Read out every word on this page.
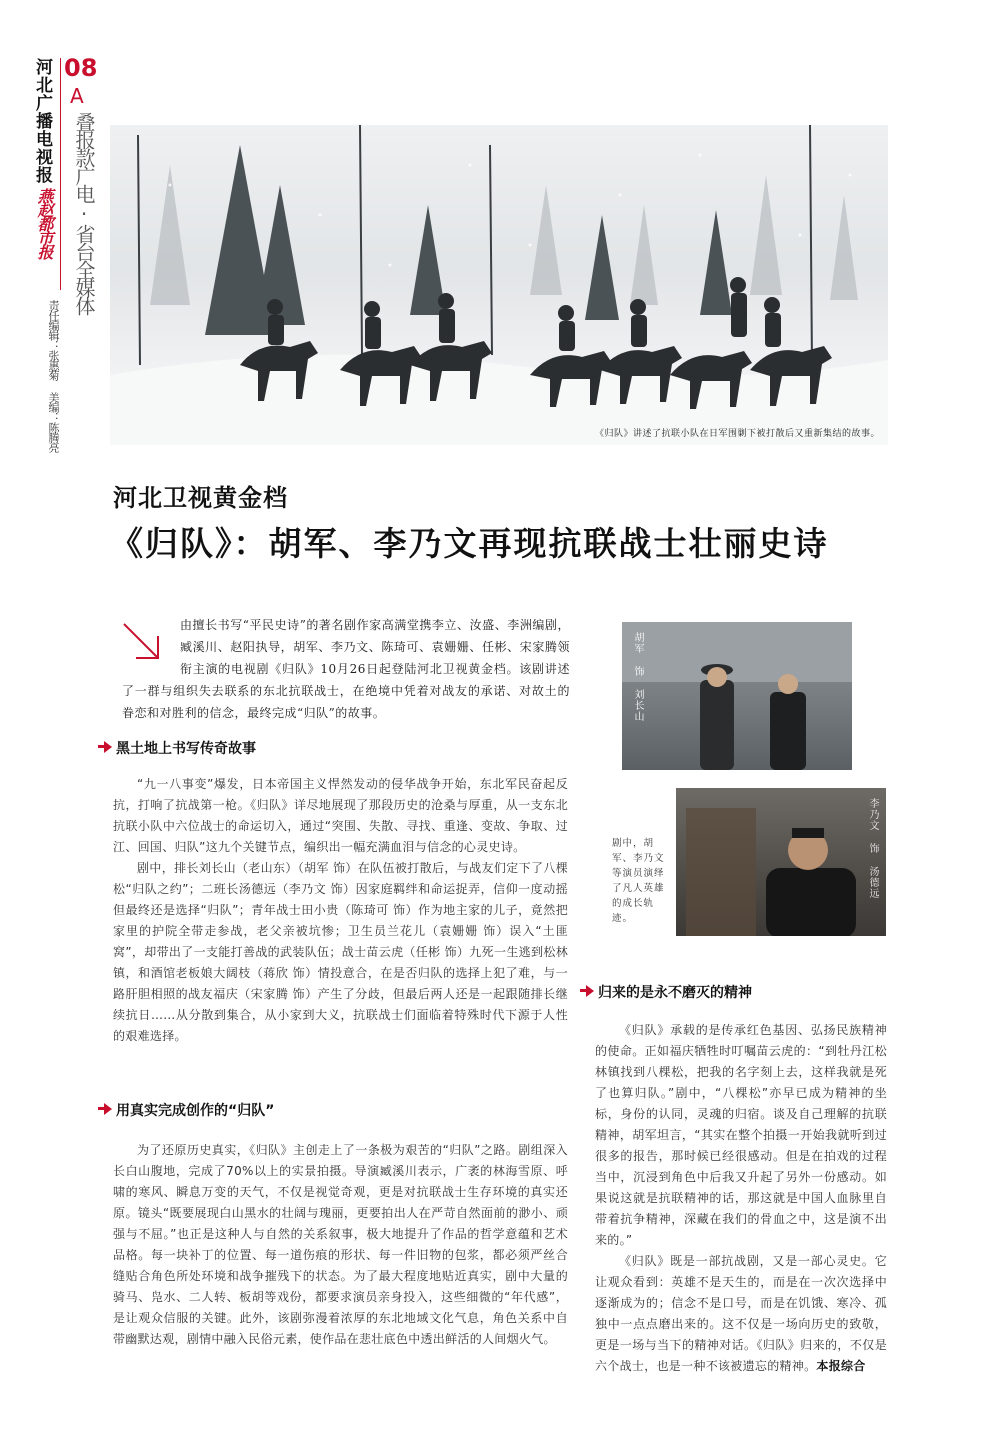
河北广播电视报
燕赵都市报
08
A
叠报款广电·省台全媒体
责任编辑：张惠菊 美编：陈腾亮	《归队》讲述了抗联小队在日军围剿下被打散后又重新集结的故事。
河北卫视黄金档
《归队》：胡军、李乃文再现抗联战士壮丽史诗
由擅长书写“平民史诗”的著名剧作家高满堂携李立、汝盛、李洲编剧，臧溪川、赵阳执导，胡军、李乃文、陈琦可、袁姗姗、任彬、宋家腾领衔主演的电视剧《归队》10月26日起登陆河北卫视黄金档。该剧讲述了一群与组织失去联系的东北抗联战士，在绝境中凭着对战友的承诺、对故土的眷恋和对胜利的信念，最终完成“归队”的故事。
黑土地上书写传奇故事

“九一八事变”爆发，日本帝国主义悍然发动的侵华战争开始，东北军民奋起反抗，打响了抗战第一枪。《归队》详尽地展现了那段历史的沧桑与厚重，从一支东北抗联小队中六位战士的命运切入，通过“突围、失散、寻找、重逢、变故、争取、过江、回国、归队”这九个关键节点，编织出一幅充满血泪与信念的心灵史诗。

剧中，排长刘长山（老山东）（胡军 饰）在队伍被打散后，与战友们定下了八棵松“归队之约”；二班长汤德远（李乃文 饰）因家庭羁绊和命运捉弄，信仰一度动摇但最终还是选择“归队”；青年战士田小贵（陈琦可 饰）作为地主家的儿子，竟然把家里的护院全带走参战，老父亲被坑惨；卫生员兰花儿（袁姗姗 饰）误入“土匪窝”，却带出了一支能打善战的武装队伍；战士苗云虎（任彬 饰）九死一生逃到松林镇，和酒馆老板娘大阔枝（蒋欣 饰）情投意合，在是否归队的选择上犯了难，与一路肝胆相照的战友福庆（宋家腾 饰）产生了分歧，但最后两人还是一起跟随排长继续抗日……从分散到集合，从小家到大义，抗联战士们面临着特殊时代下源于人性的艰难选择。

用真实完成创作的“归队”

为了还原历史真实，《归队》主创走上了一条极为艰苦的“归队”之路。剧组深入长白山腹地，完成了70%以上的实景拍摄。导演臧溪川表示，广袤的林海雪原、呼啸的寒风、瞬息万变的天气，不仅是视觉奇观，更是对抗联战士生存环境的真实还原。镜头“既要展现白山黑水的壮阔与瑰丽，更要拍出人在严苛自然面前的渺小、顽强与不屈。”也正是这种人与自然的关系叙事，极大地提升了作品的哲学意蕴和艺术品格。每一块补丁的位置、每一道伤痕的形状、每一件旧物的包浆，都必须严丝合缝贴合角色所处环境和战争摧残下的状态。为了最大程度地贴近真实，剧中大量的骑马、凫水、二人转、板胡等戏份，都要求演员亲身投入，这些细微的“年代感”，是让观众信服的关键。此外，该剧弥漫着浓厚的东北地域文化气息，角色关系中自带幽默达观，剧情中融入民俗元素，使作品在悲壮底色中透出鲜活的人间烟火气。

胡军 饰 刘长山
李乃文 饰 汤德远
剧中，胡军、李乃文等演员演绎了凡人英雄的成长轨迹。
归来的是永不磨灭的精神

《归队》承载的是传承红色基因、弘扬民族精神的使命。正如福庆牺牲时叮嘱苗云虎的：“到牡丹江松林镇找到八棵松，把我的名字刻上去，这样我就是死了也算归队。”剧中，“八棵松”亦早已成为精神的坐标，身份的认同，灵魂的归宿。谈及自己理解的抗联精神，胡军坦言，“其实在整个拍摄一开始我就听到过很多的报告，那时候已经很感动。但是在拍戏的过程当中，沉浸到角色中后我又升起了另外一份感动。如果说这就是抗联精神的话，那这就是中国人血脉里自带着抗争精神，深藏在我们的骨血之中，这是演不出来的。”

《归队》既是一部抗战剧，又是一部心灵史。它让观众看到：英雄不是天生的，而是在一次次选择中逐渐成为的；信念不是口号，而是在饥饿、寒冷、孤独中一点点磨出来的。这不仅是一场向历史的致敬，更是一场与当下的精神对话。《归队》归来的，不仅是六个战士，也是一种不该被遗忘的精神。本报综合
